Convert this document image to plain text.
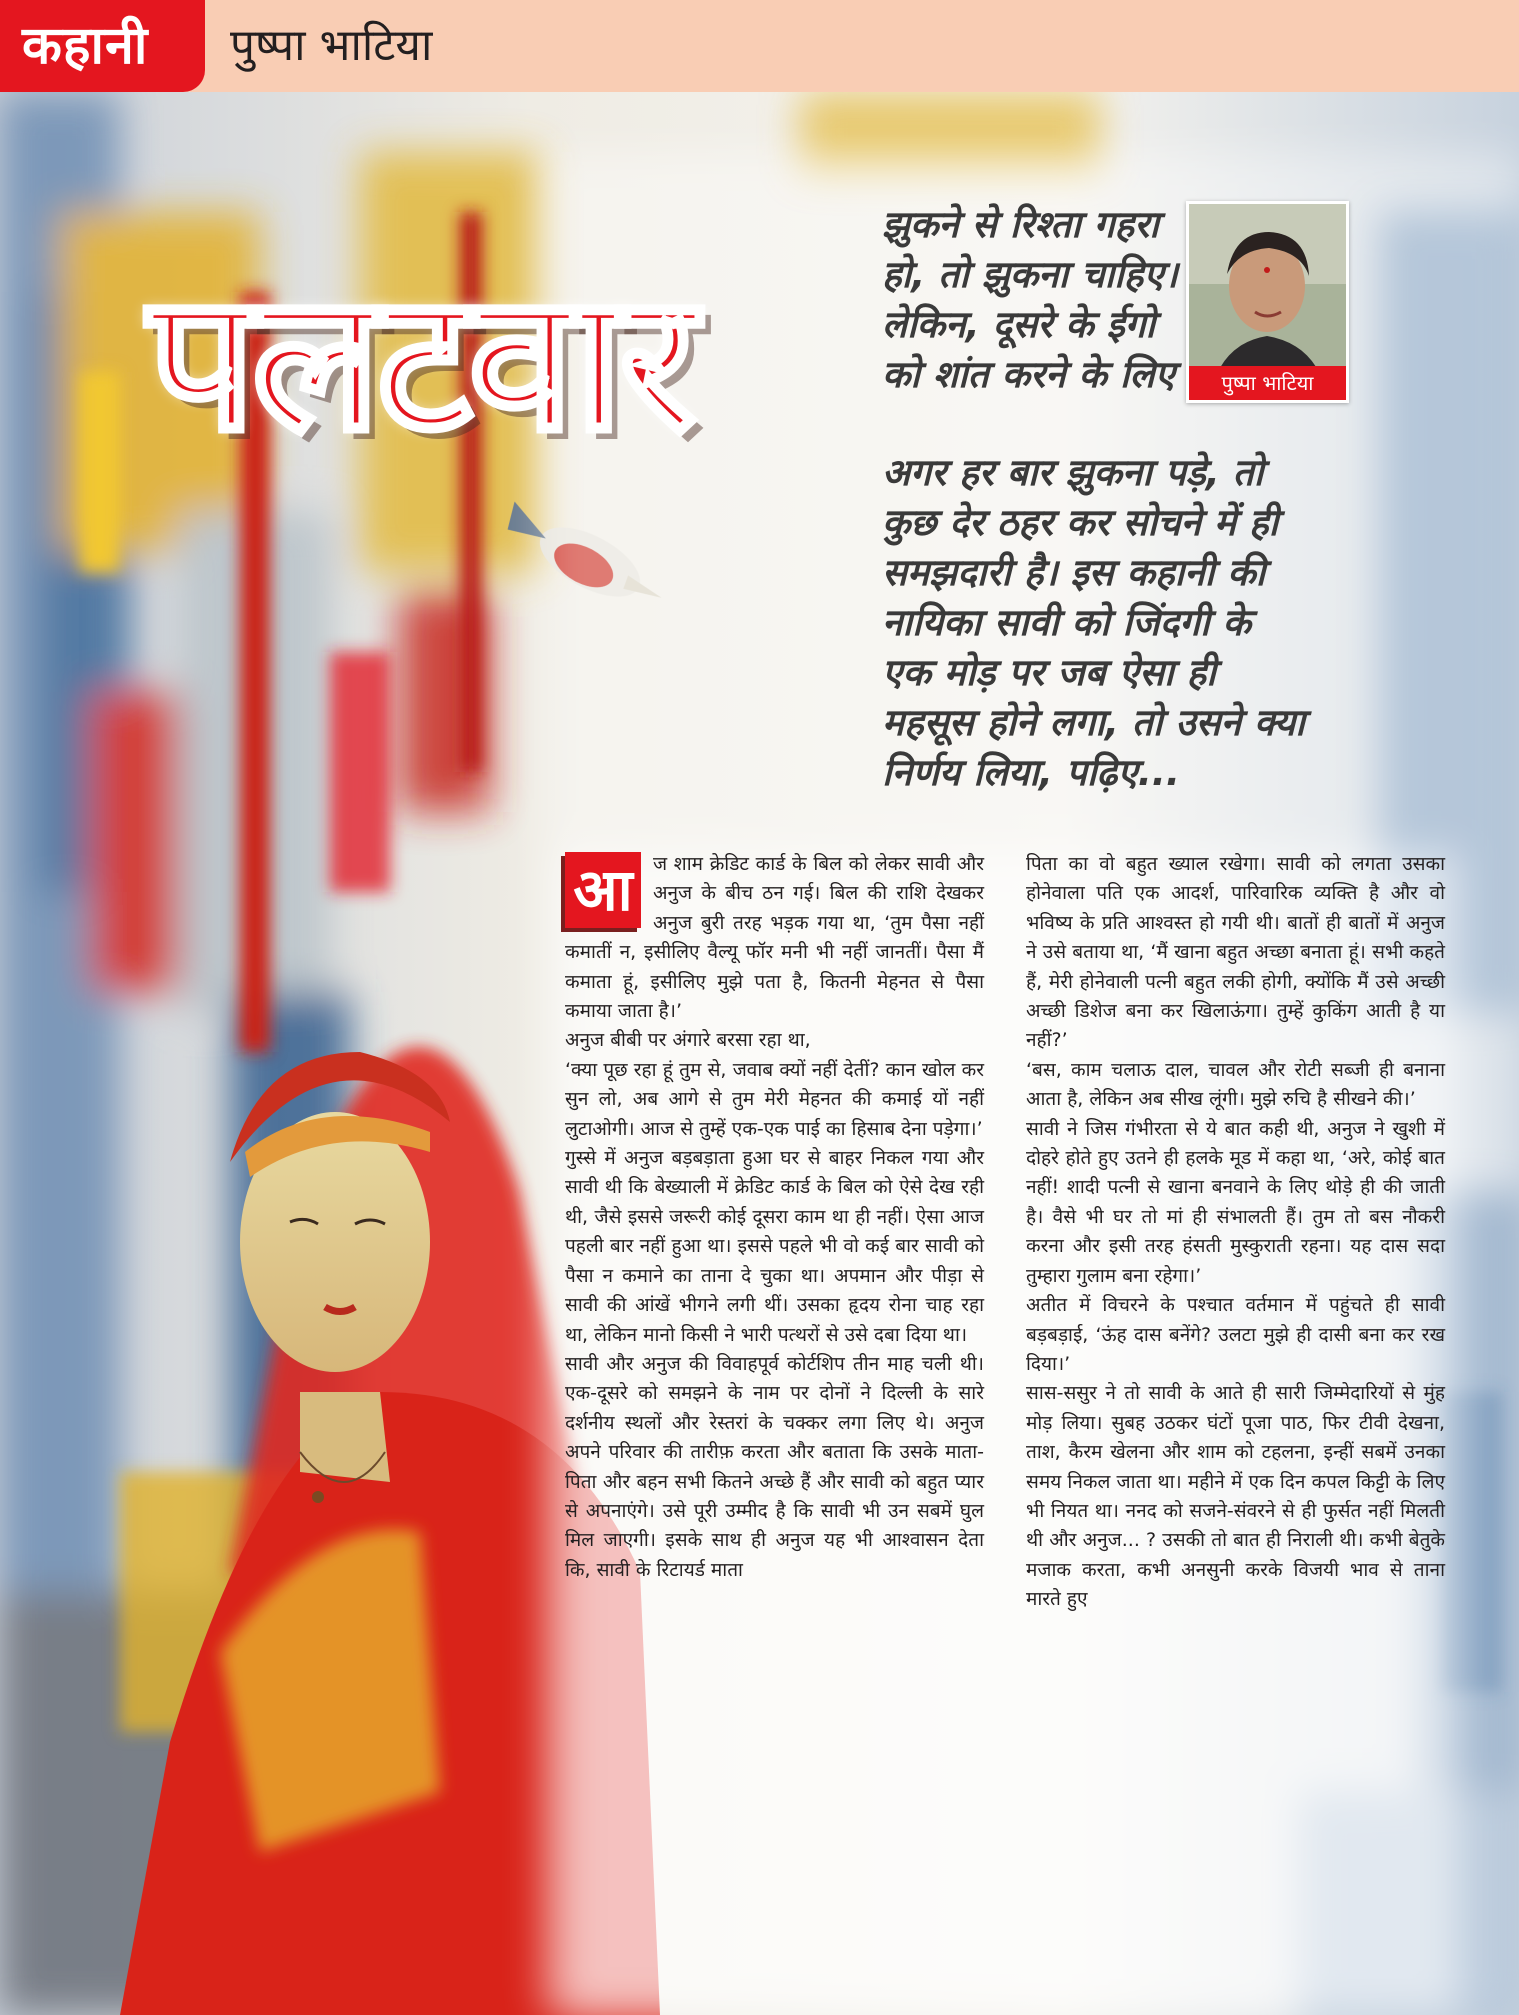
कहानी	पुष्पा भाटिया
पलटवार
झुकने से रिश्ता गहरा हो, तो झुकना चाहिए। लेकिन, दूसरे के ईगो को शांत करने के लिए
अगर हर बार झुकना पड़े, तो कुछ देर ठहर कर सोचने में ही समझदारी है। इस कहानी की नायिका सावी को जिंदगी के एक मोड़ पर जब ऐसा ही महसूस होने लगा, तो उसने क्या निर्णय लिया, पढ़िए...
पुष्पा भाटिया
आ	ज शाम क्रेडिट कार्ड के बिल को लेकर सावी और अनुज के बीच ठन गई। बिल की राशि देखकर अनुज बुरी तरह भड़क गया था, ‘तुम पैसा नहीं कमातीं न, इसीलिए वैल्यू फॉर मनी भी नहीं जानतीं। पैसा मैं कमाता हूं, इसीलिए मुझे पता है, कितनी मेहनत से पैसा कमाया जाता है।’

अनुज बीबी पर अंगारे बरसा रहा था,

‘क्या पूछ रहा हूं तुम से, जवाब क्यों नहीं देतीं? कान खोल कर सुन लो, अब आगे से तुम मेरी मेहनत की कमाई यों नहीं लुटाओगी। आज से तुम्हें एक-एक पाई का हिसाब देना पड़ेगा।’

गुस्से में अनुज बड़बड़ाता हुआ घर से बाहर निकल गया और सावी थी कि बेख्याली में क्रेडिट कार्ड के बिल को ऐसे देख रही थी, जैसे इससे जरूरी कोई दूसरा काम था ही नहीं। ऐसा आज पहली बार नहीं हुआ था। इससे पहले भी वो कई बार सावी को पैसा न कमाने का ताना दे चुका था। अपमान और पीड़ा से सावी की आंखें भीगने लगी थीं। उसका हृदय रोना चाह रहा था, लेकिन मानो किसी ने भारी पत्थरों से उसे दबा दिया था।

सावी और अनुज की विवाहपूर्व कोर्टशिप तीन माह चली थी। एक-दूसरे को समझने के नाम पर दोनों ने दिल्ली के सारे दर्शनीय स्थलों और रेस्तरां के चक्कर लगा लिए थे। अनुज अपने परिवार की तारीफ़ करता और बताता कि उसके माता-पिता और बहन सभी कितने अच्छे हैं और सावी को बहुत प्यार से अपनाएंगे। उसे पूरी उम्मीद है कि सावी भी उन सबमें घुल मिल जाएगी। इसके साथ ही अनुज यह भी आश्वासन देता कि, सावी के रिटायर्ड माता

पिता का वो बहुत ख्याल रखेगा। सावी को लगता उसका होनेवाला पति एक आदर्श, पारिवारिक व्यक्ति है और वो भविष्य के प्रति आश्वस्त हो गयी थी। बातों ही बातों में अनुज ने उसे बताया था, ‘मैं खाना बहुत अच्छा बनाता हूं। सभी कहते हैं, मेरी होनेवाली पत्नी बहुत लकी होगी, क्योंकि मैं उसे अच्छी अच्छी डिशेज बना कर खिलाऊंगा। तुम्हें कुकिंग आती है या नहीं?’

‘बस, काम चलाऊ दाल, चावल और रोटी सब्जी ही बनाना आता है, लेकिन अब सीख लूंगी। मुझे रुचि है सीखने की।’

सावी ने जिस गंभीरता से ये बात कही थी, अनुज ने खुशी में दोहरे होते हुए उतने ही हलके मूड में कहा था, ‘अरे, कोई बात नहीं! शादी पत्नी से खाना बनवाने के लिए थोड़े ही की जाती है। वैसे भी घर तो मां ही संभालती हैं। तुम तो बस नौकरी करना और इसी तरह हंसती मुस्कुराती रहना। यह दास सदा तुम्हारा गुलाम बना रहेगा।’

अतीत में विचरने के पश्चात वर्तमान में पहुंचते ही सावी बड़बड़ाई, ‘ऊंह दास बनेंगे? उलटा मुझे ही दासी बना कर रख दिया।’

सास-ससुर ने तो सावी के आते ही सारी जिम्मेदारियों से मुंह मोड़ लिया। सुबह उठकर घंटों पूजा पाठ, फिर टीवी देखना, ताश, कैरम खेलना और शाम को टहलना, इन्हीं सबमें उनका समय निकल जाता था। महीने में एक दिन कपल किट्टी के लिए भी नियत था। ननद को सजने-संवरने से ही फुर्सत नहीं मिलती थी और अनुज... ? उसकी तो बात ही निराली थी। कभी बेतुके मजाक करता, कभी अनसुनी करके विजयी भाव से ताना मारते हुए
